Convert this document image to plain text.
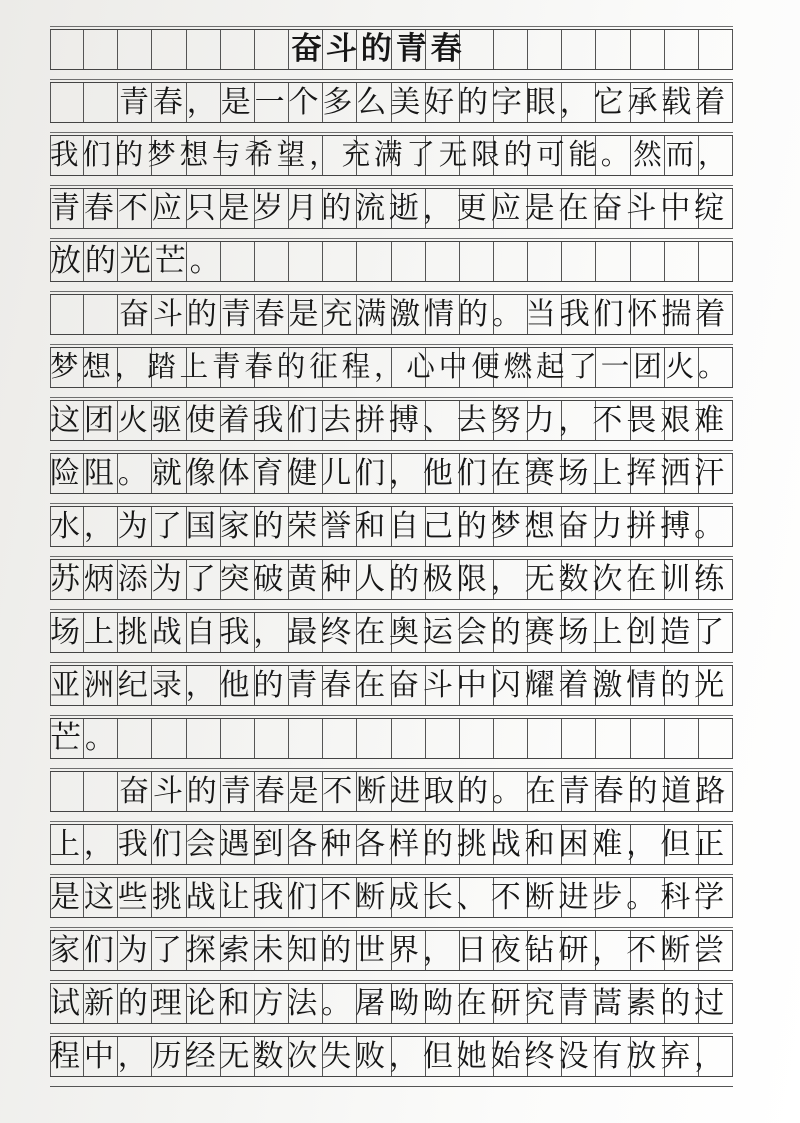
奋斗的青春
青春，是一个多么美好的字眼，它承载着
我们的梦想与希望，充满了无限的可能。然而，
青春不应只是岁月的流逝，更应是在奋斗中绽
放的光芒。
奋斗的青春是充满激情的。当我们怀揣着
梦想，踏上青春的征程，心中便燃起了一团火。
这团火驱使着我们去拼搏、去努力，不畏艰难
险阻。就像体育健儿们，他们在赛场上挥洒汗
水，为了国家的荣誉和自己的梦想奋力拼搏。
苏炳添为了突破黄种人的极限，无数次在训练
场上挑战自我，最终在奥运会的赛场上创造了
亚洲纪录，他的青春在奋斗中闪耀着激情的光
芒。
奋斗的青春是不断进取的。在青春的道路
上，我们会遇到各种各样的挑战和困难，但正
是这些挑战让我们不断成长、不断进步。科学
家们为了探索未知的世界，日夜钻研，不断尝
试新的理论和方法。屠呦呦在研究青蒿素的过
程中，历经无数次失败，但她始终没有放弃，
